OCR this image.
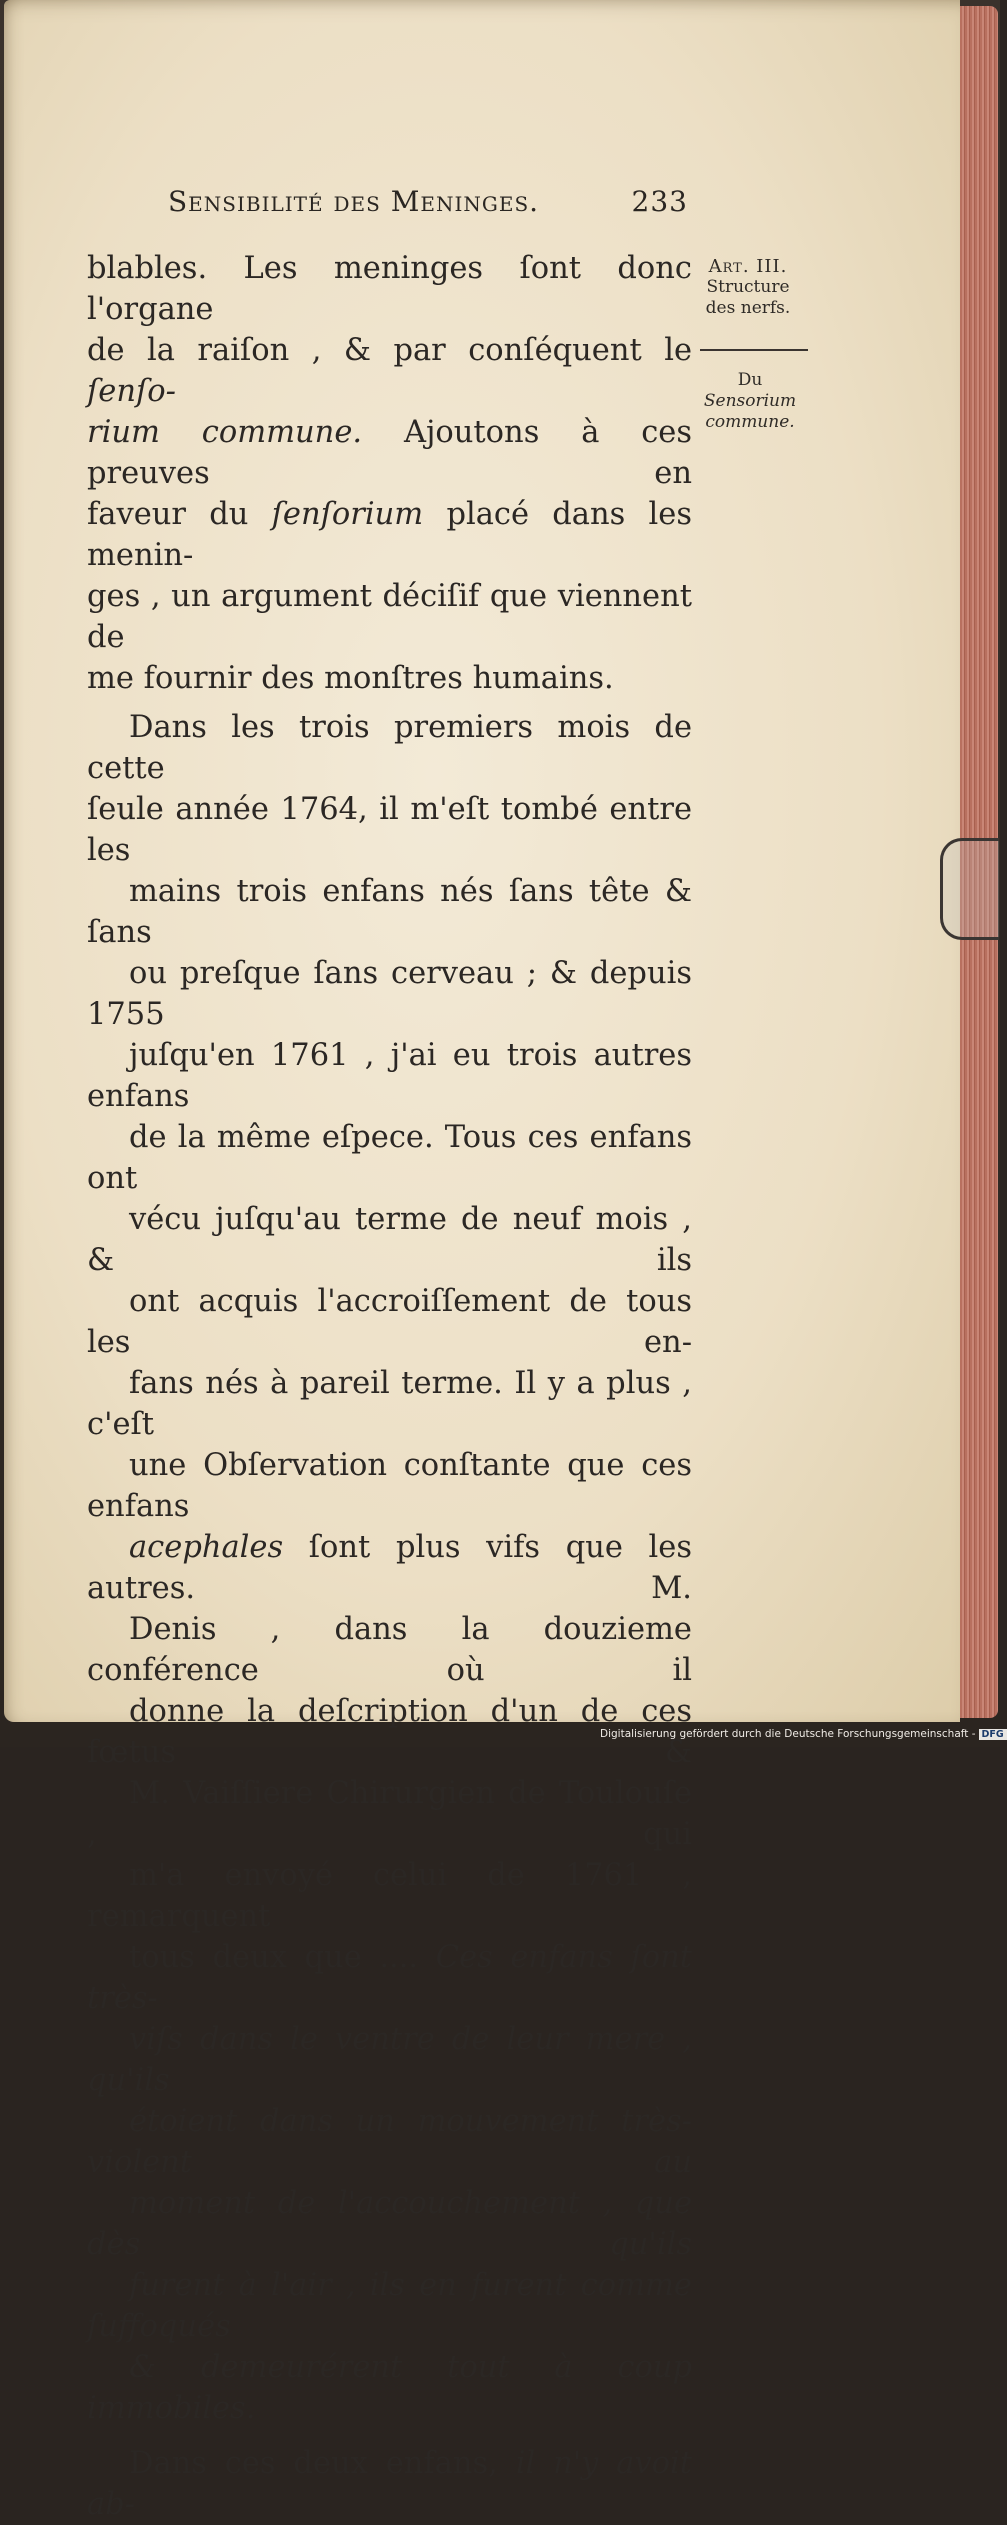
Sensibilité des Meninges.	233

blables. Les meninges ſont donc l'organe
de la raiſon , & par conſéquent le ſenſo-
rium commune. Ajoutons à ces preuves en
faveur du ſenſorium placé dans les menin-
ges , un argument déciſif que viennent de
me fournir des monſtres humains.

Dans les trois premiers mois de cette

ſeule année 1764, il m'eſt tombé entre les
mains trois enfans nés ſans tête & ſans
ou preſque ſans cerveau ; & depuis 1755
juſqu'en 1761 , j'ai eu trois autres enfans
de la même eſpece. Tous ces enfans ont
vécu juſqu'au terme de neuf mois , & ils
ont acquis l'accroiſſement de tous les en-
fans nés à pareil terme. Il y a plus , c'eſt
une Obſervation conſtante que ces enfans
acephales ſont plus vifs que les autres. M.
Denis , dans la douzieme conférence où il
donne la deſcription d'un de ces fœtus &
M. Vaiſſiere Chirurgien de Toulouſe , qui
m'a envoyé celui de 1761 , remarquent
tous deux que .... Ces enfans ſont très-
viſs dans le ventre de leur mere , qu'ils
étoient dans un mouvement très-violent au
moment de l'accouchement , que dès qu'ils
furent à l'air , ils en furent comme ſuffoqués
& demeurérent tout à coup immobiles.

Dans ces deux enfans, il n'y avoit ab-

Art. III.
Structure
des nerfs.
Du
Sensorium
commune.
Digitalisierung gefördert durch die Deutsche Forschungsgemeinschaft - DFG
